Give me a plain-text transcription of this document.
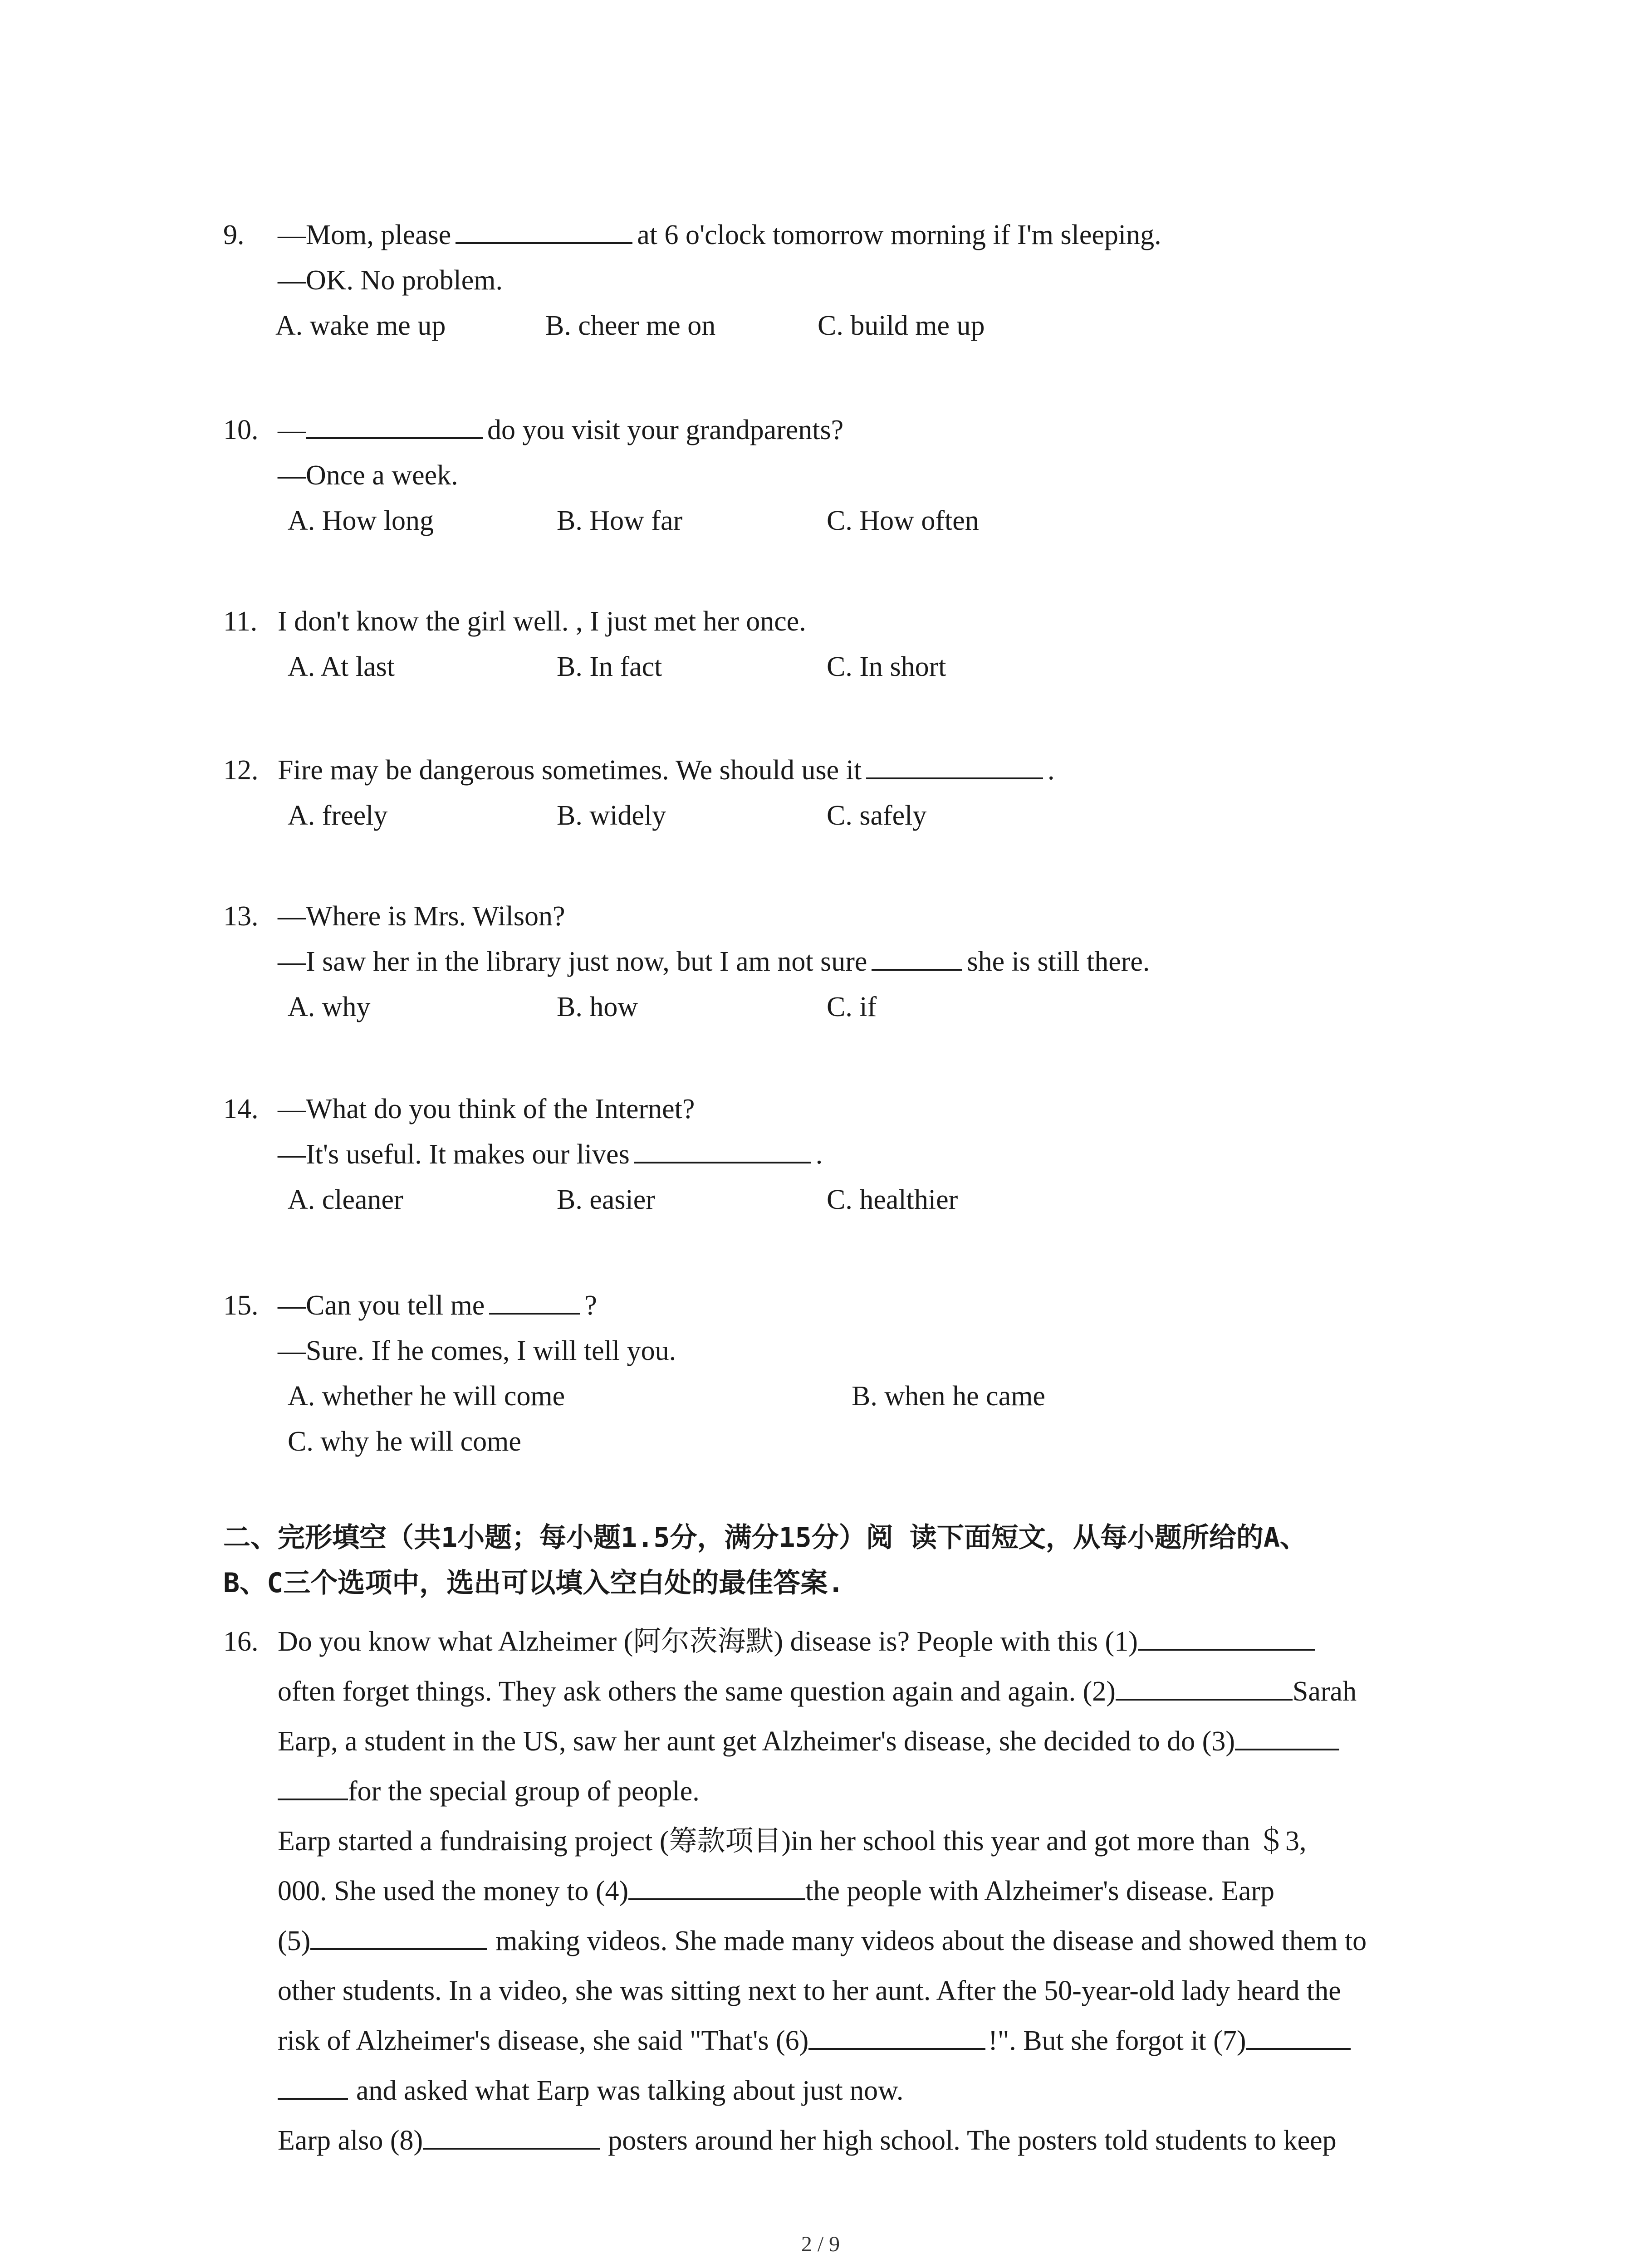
9. —Mom, please	at 6 o'clock tomorrow morning if I'm sleeping.
—OK. No problem.
A. wake me up	B. cheer me on	C. build me up
10. —	do you visit your grandparents?
—Once a week.
A. How long	B. How far	C. How often
11. I don't know the girl well. , I just met her once.
A. At last	B. In fact	C. In short
12. Fire may be dangerous sometimes. We should use it	.
A. freely	B. widely	C. safely
13. —Where is Mrs. Wilson?
—I saw her in the library just now, but I am not sure	she is still there.
A. why	B. how	C. if
14. —What do you think of the Internet?
—It's useful. It makes our lives	.
A. cleaner	B. easier	C. healthier
15. —Can you tell me	?
—Sure. If he comes, I will tell you.
A. whether he will come	B. when he came
C. why he will come
二、完形填空（共1小题；每小题1.5分，满分15分）阅 读下面短文，从每小题所给的A、
B、C三个选项中，选出可以填入空白处的最佳答案.
16. Do you know what Alzheimer (阿尔茨海默) disease is? People with this (1)
often forget things. They ask others the same question again and again. (2)	Sarah
Earp, a student in the US, saw her aunt get Alzheimer's disease, she decided to do (3)
for the special group of people.
Earp started a fundraising project (筹款项目)in her school this year and got more than ＄3,
000. She used the money to (4)	the people with Alzheimer's disease. Earp
(5)	making videos. She made many videos about the disease and showed them to
other students. In a video, she was sitting next to her aunt. After the 50-year-old lady heard the
risk of Alzheimer's disease, she said "That's (6)	!". But she forgot it (7)
and asked what Earp was talking about just now.
Earp also (8)	posters around her high school. The posters told students to keep
2 / 9
